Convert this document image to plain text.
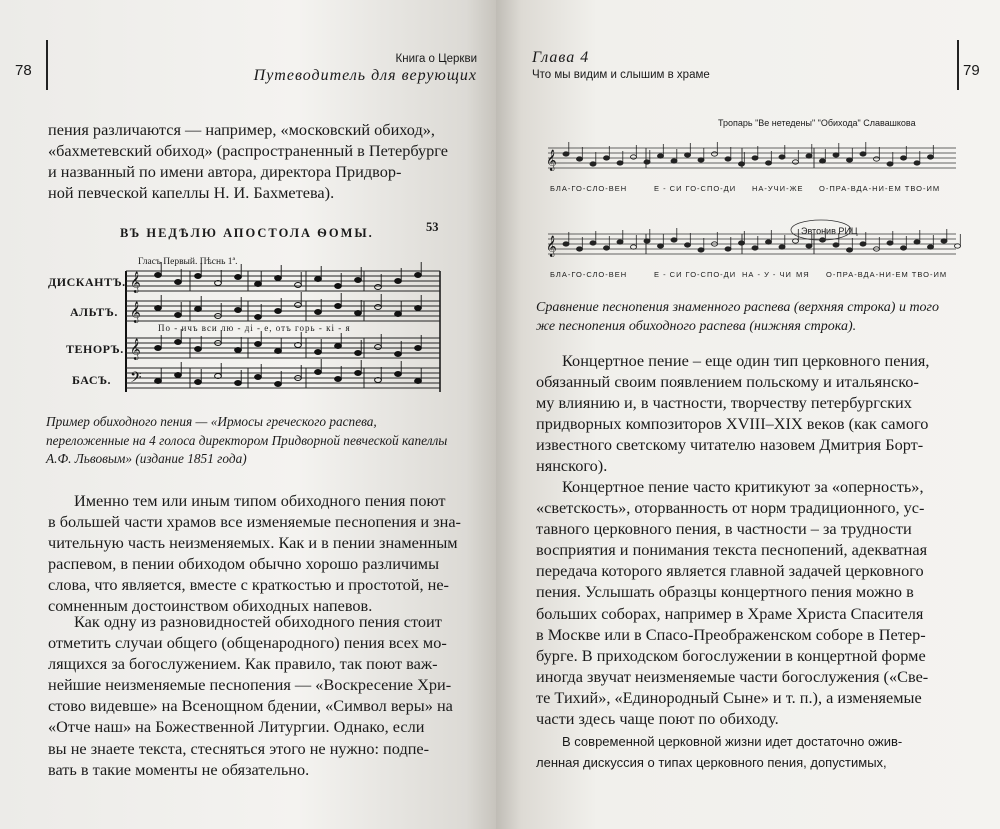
78
Книга о Церкви
Путеводитель для верующих

пения различаются — например, «московский обиход»,

«бахметевский обиход» (распространенный в Петербурге

и названный по имени автора, директора Придвор-

ной певческой капеллы Н. И. Бахметева).

ВЪ НЕДѢЛЮ АПОСТОЛА ѲОМЫ.	53
Гласъ Первый. Пѣснь 1ª.
ДИСКАНТЪ.
АЛЬТЪ.
ТЕНОРЪ.
БАСЪ.
𝄞
𝄞
𝄞
𝄢
По - ичъ вси лю - ді - е, отъ горь - кі - я
Пример обиходного пения — «Ирмосы греческого распева,
переложенные на 4 голоса директором Придворной певческой капеллы
А.Ф. Львовым» (издание 1851 года)

Именно тем или иным типом обиходного пения поют

в большей части храмов все изменяемые песнопения и зна-

чительную часть неизменяемых. Как и в пении знаменным

распевом, в пении обиходом обычно хорошо различимы

слова, что является, вместе с краткостью и простотой, не-

сомненным достоинством обиходных напевов.

Как одну из разновидностей обиходного пения стоит

отметить случаи общего (общенародного) пения всех мо-

лящихся за богослужением. Как правило, так поют важ-

нейшие неизменяемые песнопения — «Воскресение Хри-

стово видевше» на Всенощном бдении, «Символ веры» на

«Отче наш» на Божественной Литургии. Однако, если

вы не знаете текста, стесняться этого не нужно: подпе-

вать в такие моменты не обязательно.

79
Глава 4
Что мы видим и слышим в храме
Тропарь "Ве нетедены" "Обихода" Славашкова
Эвтонив РИЦ
𝄞
𝄞
БЛА-ГО-СЛО-ВЕН	Е - СИ ГО-СПО-ДИ НА-УЧИ-ЖЕ О-ПРА-ВДА-НИ-ЕМ ТВО-ИМ
БЛА-ГО-СЛО-ВЕН	Е - СИ ГО-СПО-ДИ НА - У - ЧИ МЯ О-ПРА-ВДА-НИ-ЕМ ТВО-ИМ
Сравнение песнопения знаменного распева (верхняя строка) и того
же песнопения обиходного распева (нижняя строка).

Концертное пение – еще один тип церковного пения,

обязанный своим появлением польскому и итальянско-

му влиянию и, в частности, творчеству петербургских

придворных композиторов XVIII–XIX веков (как самого

известного светскому читателю назовем Дмитрия Борт-

нянского).

Концертное пение часто критикуют за «оперность»,

«светскость», оторванность от норм традиционного, ус-

тавного церковного пения, в частности – за трудности

восприятия и понимания текста песнопений, адекватная

передача которого является главной задачей церковного

пения. Услышать образцы концертного пения можно в

больших соборах, например в Храме Христа Спасителя

в Москве или в Спасо-Преображенском соборе в Петер-

бурге. В приходском богослужении в концертной форме

иногда звучат неизменяемые части богослужения («Све-

те Тихий», «Единородный Сыне» и т. п.), а изменяемые

части здесь чаще поют по обиходу.

В современной церковной жизни идет достаточно ожив-
ленная дискуссия о типах церковного пения, допустимых,
